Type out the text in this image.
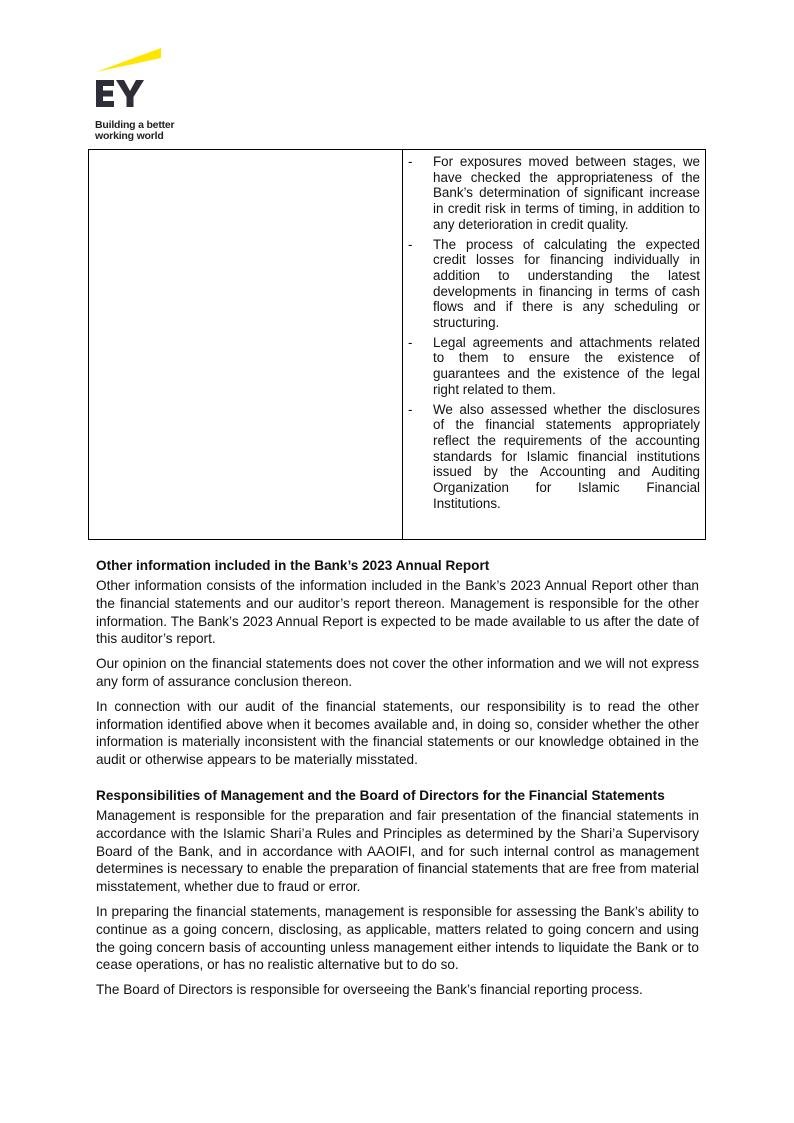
Building a better
working world
- For exposures moved between stages, we have checked the appropriateness of the Bank’s determination of significant increase in credit risk in terms of timing, in addition to any deterioration in credit quality.
- The process of calculating the expected credit losses for financing individually in addition to understanding the latest developments in financing in terms of cash flows and if there is any scheduling or structuring.
- Legal agreements and attachments related to them to ensure the existence of guarantees and the existence of the legal right related to them.
- We also assessed whether the disclosures of the financial statements appropriately reflect the requirements of the accounting standards for Islamic financial institutions issued by the Accounting and Auditing Organization for Islamic Financial Institutions.
Other information included in the Bank’s 2023 Annual Report

Other information consists of the information included in the Bank’s 2023 Annual Report other than the financial statements and our auditor’s report thereon. Management is responsible for the other information. The Bank’s 2023 Annual Report is expected to be made available to us after the date of this auditor’s report.

Our opinion on the financial statements does not cover the other information and we will not express any form of assurance conclusion thereon.

In connection with our audit of the financial statements, our responsibility is to read the other information identified above when it becomes available and, in doing so, consider whether the other information is materially inconsistent with the financial statements or our knowledge obtained in the audit or otherwise appears to be materially misstated.

Responsibilities of Management and the Board of Directors for the Financial Statements

Management is responsible for the preparation and fair presentation of the financial statements in accordance with the Islamic Shari’a Rules and Principles as determined by the Shari’a Supervisory Board of the Bank, and in accordance with AAOIFI, and for such internal control as management determines is necessary to enable the preparation of financial statements that are free from material misstatement, whether due to fraud or error.

In preparing the financial statements, management is responsible for assessing the Bank’s ability to continue as a going concern, disclosing, as applicable, matters related to going concern and using the going concern basis of accounting unless management either intends to liquidate the Bank or to cease operations, or has no realistic alternative but to do so.

The Board of Directors is responsible for overseeing the Bank’s financial reporting process.
